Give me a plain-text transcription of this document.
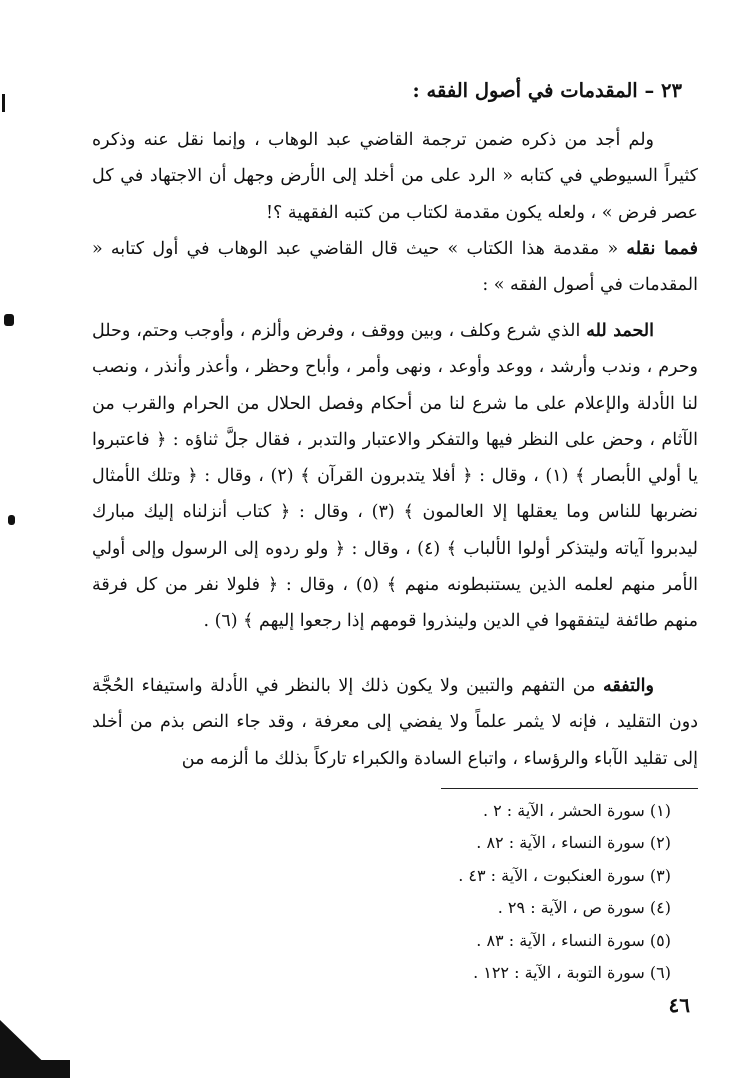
٢٣ – المقدمات في أصول الفقه :
ولم أجد من ذكره ضمن ترجمة القاضي عبد الوهاب ، وإنما نقل عنه وذكره كثيراً السيوطي في كتابه « الرد على من أخلد إلى الأرض وجهل أن الاجتهاد في كل عصر فرض » ، ولعله يكون مقدمة لكتاب من كتبه الفقهية ؟!
فمما نقله « مقدمة هذا الكتاب » حيث قال القاضي عبد الوهاب في أول كتابه « المقدمات في أصول الفقه » :
الحمد لله الذي شرع وكلف ، وبين ووقف ، وفرض وألزم ، وأوجب وحتم، وحلل وحرم ، وندب وأرشد ، ووعد وأوعد ، ونهى وأمر ، وأباح وحظر ، وأعذر وأنذر ، ونصب لنا الأدلة والإعلام على ما شرع لنا من أحكام وفصل الحلال من الحرام والقرب من الآثام ، وحض على النظر فيها والتفكر والاعتبار والتدبر ، فقال جلَّ ثناؤه : ﴿ فاعتبروا يا أولي الأبصار ﴾ (١) ، وقال : ﴿ أفلا يتدبرون القرآن ﴾ (٢) ، وقال : ﴿ وتلك الأمثال نضربها للناس وما يعقلها إلا العالمون ﴾ (٣) ، وقال : ﴿ كتاب أنزلناه إليك مبارك ليدبروا آياته وليتذكر أولوا الألباب ﴾ (٤) ، وقال : ﴿ ولو ردوه إلى الرسول وإلى أولي الأمر منهم لعلمه الذين يستنبطونه منهم ﴾ (٥) ، وقال : ﴿ فلولا نفر من كل فرقة منهم طائفة ليتفقهوا في الدين ولينذروا قومهم إذا رجعوا إليهم ﴾ (٦) .
والتفقه من التفهم والتبين ولا يكون ذلك إلا بالنظر في الأدلة واستيفاء الحُجَّة دون التقليد ، فإنه لا يثمر علماً ولا يفضي إلى معرفة ، وقد جاء النص بذم من أخلد إلى تقليد الآباء والرؤساء ، واتباع السادة والكبراء تاركاً بذلك ما ألزمه من
(١) سورة الحشر ، الآية : ٢ .
(٢) سورة النساء ، الآية : ٨٢ .
(٣) سورة العنكبوت ، الآية : ٤٣ .
(٤) سورة ص ، الآية : ٢٩ .
(٥) سورة النساء ، الآية : ٨٣ .
(٦) سورة التوبة ، الآية : ١٢٢ .
٤٦
